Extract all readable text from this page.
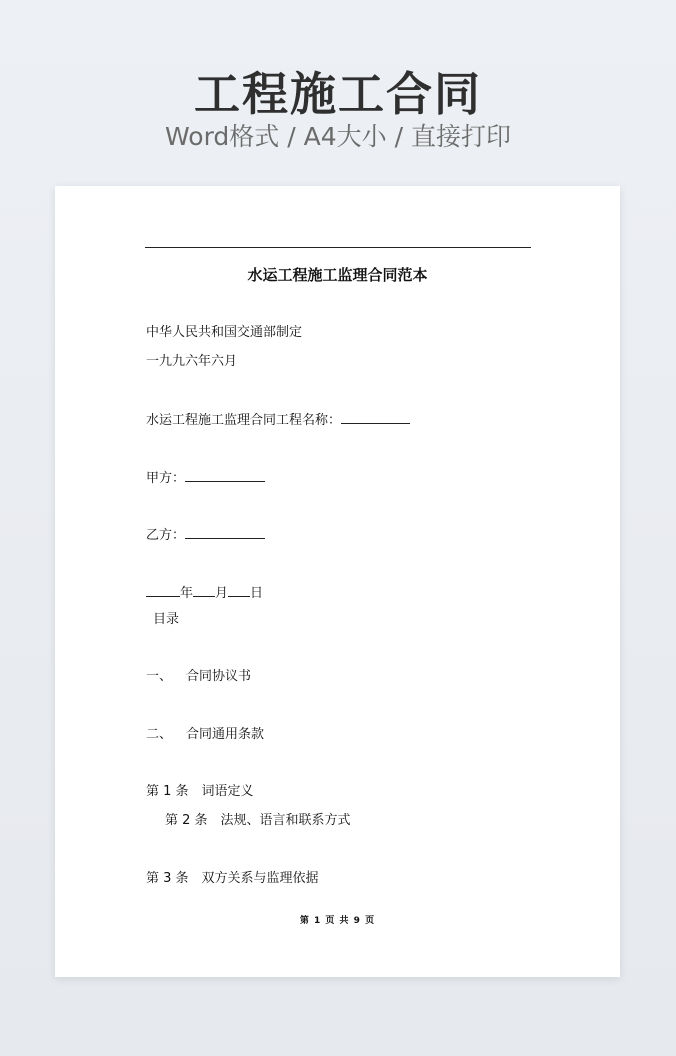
工程施工合同
Word格式 / A4大小 / 直接打印
水运工程施工监理合同范本
中华人民共和国交通部制定
一九九六年六月
水运工程施工监理合同工程名称：
甲方：
乙方：
年 月 日
目录
一、 合同协议书
二、 合同通用条款
第 1 条 词语定义
第 2 条 法规、语言和联系方式
第 3 条 双方关系与监理依据
第 1 页 共 9 页
